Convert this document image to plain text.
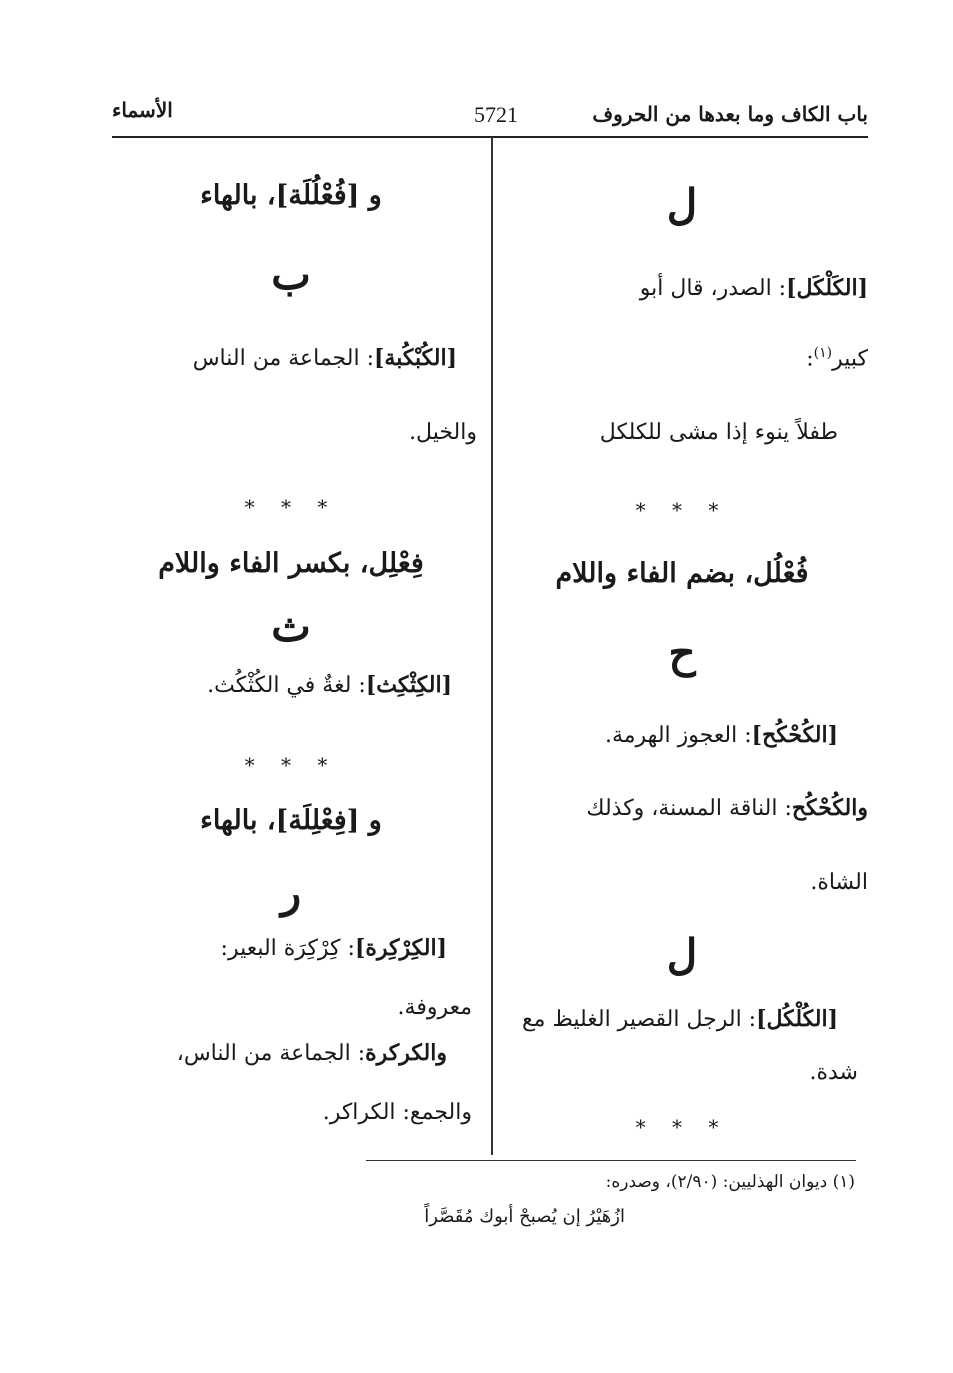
باب الكاف وما بعدها من الحروف
5721
الأسماء
ل
[الكَلْكَل]: الصدر، قال أبو
كبير$^{(١)}$:
طفلاً ينوء إذا مشى للكلكل
* * *
فُعْلُل، بضم الفاء واللام
ح
[الكُحْكُح]: العجوز الهرمة.
والكُحْكُح: الناقة المسنة، وكذلك
الشاة.
ل
[الكُلْكُل]: الرجل القصير الغليظ مع
شدة.
* * *
و [فُعْلُلَة]، بالهاء
ب
[الكُبْكُبة]: الجماعة من الناس
والخيل.
* * *
فِعْلِل، بكسر الفاء واللام
ث
[الكِثْكِث]: لغةٌ في الكُثْكُث.
* * *
و [فِعْلِلَة]، بالهاء
ر
[الكِرْكِرة]: كِرْكِرَة البعير:
معروفة.
والكركرة: الجماعة من الناس،
والجمع: الكراكر.
(١) ديوان الهذليين: (٢/٩٠)، وصدره:
ازُهَيْرُ إن يُصبحْ أبوك مُقَصَّراً
